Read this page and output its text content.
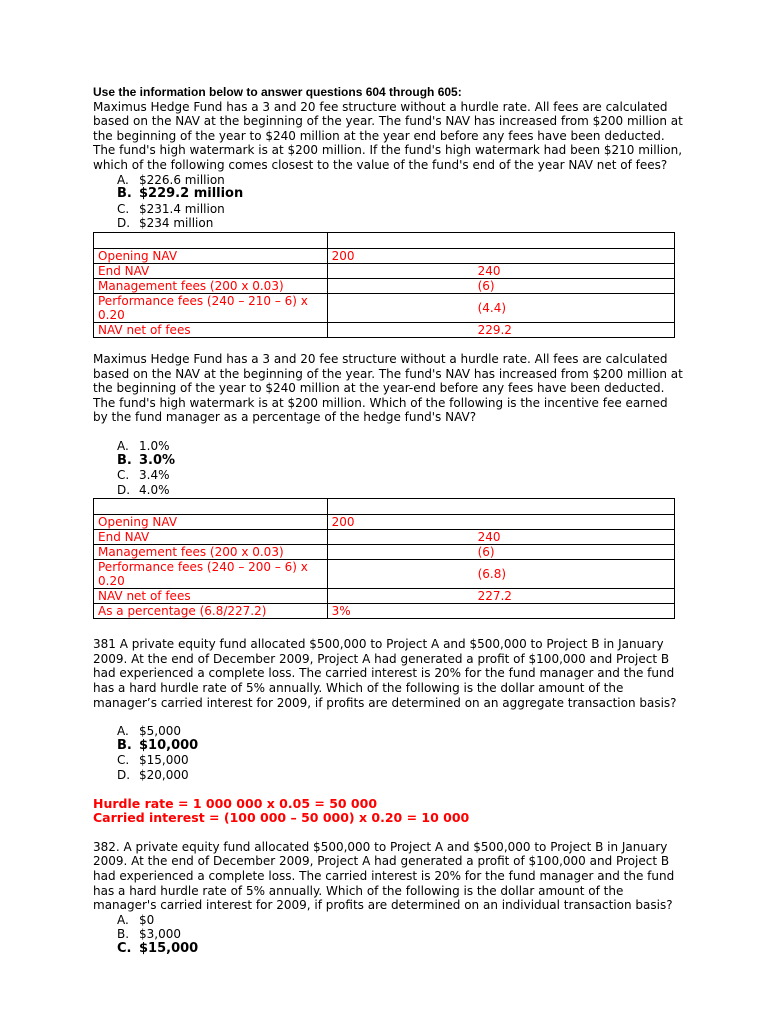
Use the information below to answer questions 604 through 605:

Maximus Hedge Fund has a 3 and 20 fee structure without a hurdle rate. All fees are calculated based on the NAV at the beginning of the year. The fund's NAV has increased from $200 million at the beginning of the year to $240 million at the year end before any fees have been deducted. The fund's high watermark is at $200 million. If the fund's high watermark had been $210 million, which of the following comes closest to the value of the fund's end of the year NAV net of fees?

A. $226.6 million
B. $229.2 million
C. $231.4 million
D. $234 million

Opening NAV	200
End NAV	240
Management fees (200 x 0.03)	(6)
Performance fees (240 – 210 – 6) x 0.20	(4.4)
NAV net of fees	229.2

Maximus Hedge Fund has a 3 and 20 fee structure without a hurdle rate. All fees are calculated based on the NAV at the beginning of the year. The fund's NAV has increased from $200 million at the beginning of the year to $240 million at the year-end before any fees have been deducted. The fund's high watermark is at $200 million. Which of the following is the incentive fee earned by the fund manager as a percentage of the hedge fund's NAV?

A. 1.0%
B. 3.0%
C. 3.4%
D. 4.0%

Opening NAV	200
End NAV	240
Management fees (200 x 0.03)	(6)
Performance fees (240 – 200 – 6) x 0.20	(6.8)
NAV net of fees	227.2
As a percentage (6.8/227.2)	3%

381 A private equity fund allocated $500,000 to Project A and $500,000 to Project B in January 2009. At the end of December 2009, Project A had generated a profit of $100,000 and Project B had experienced a complete loss. The carried interest is 20% for the fund manager and the fund has a hard hurdle rate of 5% annually. Which of the following is the dollar amount of the manager’s carried interest for 2009, if profits are determined on an aggregate transaction basis?

A. $5,000
B. $10,000
C. $15,000
D. $20,000
Hurdle rate = 1 000 000 x 0.05 = 50 000
Carried interest = (100 000 – 50 000) x 0.20 = 10 000

382. A private equity fund allocated $500,000 to Project A and $500,000 to Project B in January 2009. At the end of December 2009, Project A had generated a profit of $100,000 and Project B had experienced a complete loss. The carried interest is 20% for the fund manager and the fund has a hard hurdle rate of 5% annually. Which of the following is the dollar amount of the manager's carried interest for 2009, if profits are determined on an individual transaction basis?

A. $0
B. $3,000
C. $15,000
